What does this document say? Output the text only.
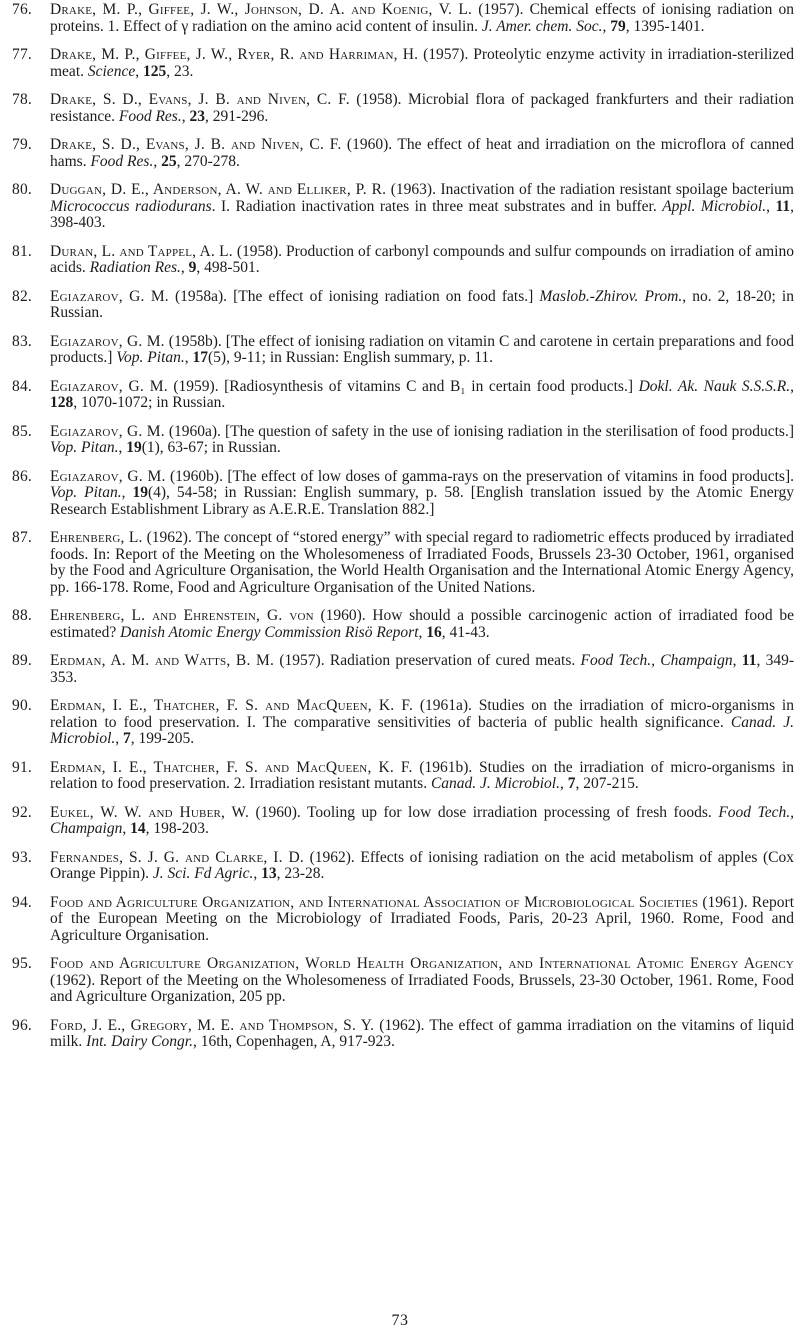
76.	Drake, M. P., Giffee, J. W., Johnson, D. A. and Koenig, V. L. (1957). Chemical effects of ionising radiation on proteins. 1. Effect of γ radiation on the amino acid content of insulin. J. Amer. chem. Soc., 79, 1395-1401.
77.	Drake, M. P., Giffee, J. W., Ryer, R. and Harriman, H. (1957). Proteolytic enzyme activity in irradiation-sterilized meat. Science, 125, 23.
78.	Drake, S. D., Evans, J. B. and Niven, C. F. (1958). Microbial flora of packaged frankfurters and their radiation resistance. Food Res., 23, 291-296.
79.	Drake, S. D., Evans, J. B. and Niven, C. F. (1960). The effect of heat and irradiation on the microflora of canned hams. Food Res., 25, 270-278.
80.	Duggan, D. E., Anderson, A. W. and Elliker, P. R. (1963). Inactivation of the radiation resistant spoilage bacterium Micrococcus radiodurans. I. Radiation inactivation rates in three meat substrates and in buffer. Appl. Microbiol., 11, 398-403.
81.	Duran, L. and Tappel, A. L. (1958). Production of carbonyl compounds and sulfur compounds on irradiation of amino acids. Radiation Res., 9, 498-501.
82.	Egiazarov, G. M. (1958a). [The effect of ionising radiation on food fats.] Maslob.-Zhirov. Prom., no. 2, 18-20; in Russian.
83.	Egiazarov, G. M. (1958b). [The effect of ionising radiation on vitamin C and carotene in certain preparations and food products.] Vop. Pitan., 17(5), 9-11; in Russian: English summary, p. 11.
84.	Egiazarov, G. M. (1959). [Radiosynthesis of vitamins C and B₁ in certain food products.] Dokl. Ak. Nauk S.S.S.R., 128, 1070-1072; in Russian.
85.	Egiazarov, G. M. (1960a). [The question of safety in the use of ionising radiation in the sterilisation of food products.] Vop. Pitan., 19(1), 63-67; in Russian.
86.	Egiazarov, G. M. (1960b). [The effect of low doses of gamma-rays on the preservation of vitamins in food products]. Vop. Pitan., 19(4), 54-58; in Russian: English summary, p. 58. [English translation issued by the Atomic Energy Research Establishment Library as A.E.R.E. Translation 882.]
87.	Ehrenberg, L. (1962). The concept of “stored energy” with special regard to radiometric effects produced by irradiated foods. In: Report of the Meeting on the Wholesomeness of Irradiated Foods, Brussels 23-30 October, 1961, organised by the Food and Agriculture Organisation, the World Health Organisation and the International Atomic Energy Agency, pp. 166-178. Rome, Food and Agriculture Organisation of the United Nations.
88.	Ehrenberg, L. and Ehrenstein, G. von (1960). How should a possible carcinogenic action of irradiated food be estimated? Danish Atomic Energy Commission Risö Report, 16, 41-43.
89.	Erdman, A. M. and Watts, B. M. (1957). Radiation preservation of cured meats. Food Tech., Champaign, 11, 349-353.
90.	Erdman, I. E., Thatcher, F. S. and MacQueen, K. F. (1961a). Studies on the irradiation of micro-organisms in relation to food preservation. I. The comparative sensitivities of bacteria of public health significance. Canad. J. Microbiol., 7, 199-205.
91.	Erdman, I. E., Thatcher, F. S. and MacQueen, K. F. (1961b). Studies on the irradiation of micro-organisms in relation to food preservation. 2. Irradiation resistant mutants. Canad. J. Microbiol., 7, 207-215.
92.	Eukel, W. W. and Huber, W. (1960). Tooling up for low dose irradiation processing of fresh foods. Food Tech., Champaign, 14, 198-203.
93.	Fernandes, S. J. G. and Clarke, I. D. (1962). Effects of ionising radiation on the acid metabolism of apples (Cox Orange Pippin). J. Sci. Fd Agric., 13, 23-28.
94.	Food and Agriculture Organization, and International Association of Microbiological Societies (1961). Report of the European Meeting on the Microbiology of Irradiated Foods, Paris, 20-23 April, 1960. Rome, Food and Agriculture Organisation.
95.	Food and Agriculture Organization, World Health Organization, and International Atomic Energy Agency (1962). Report of the Meeting on the Wholesomeness of Irradiated Foods, Brussels, 23-30 October, 1961. Rome, Food and Agriculture Organization, 205 pp.
96.	Ford, J. E., Gregory, M. E. and Thompson, S. Y. (1962). The effect of gamma irradiation on the vitamins of liquid milk. Int. Dairy Congr., 16th, Copenhagen, A, 917-923.
73
